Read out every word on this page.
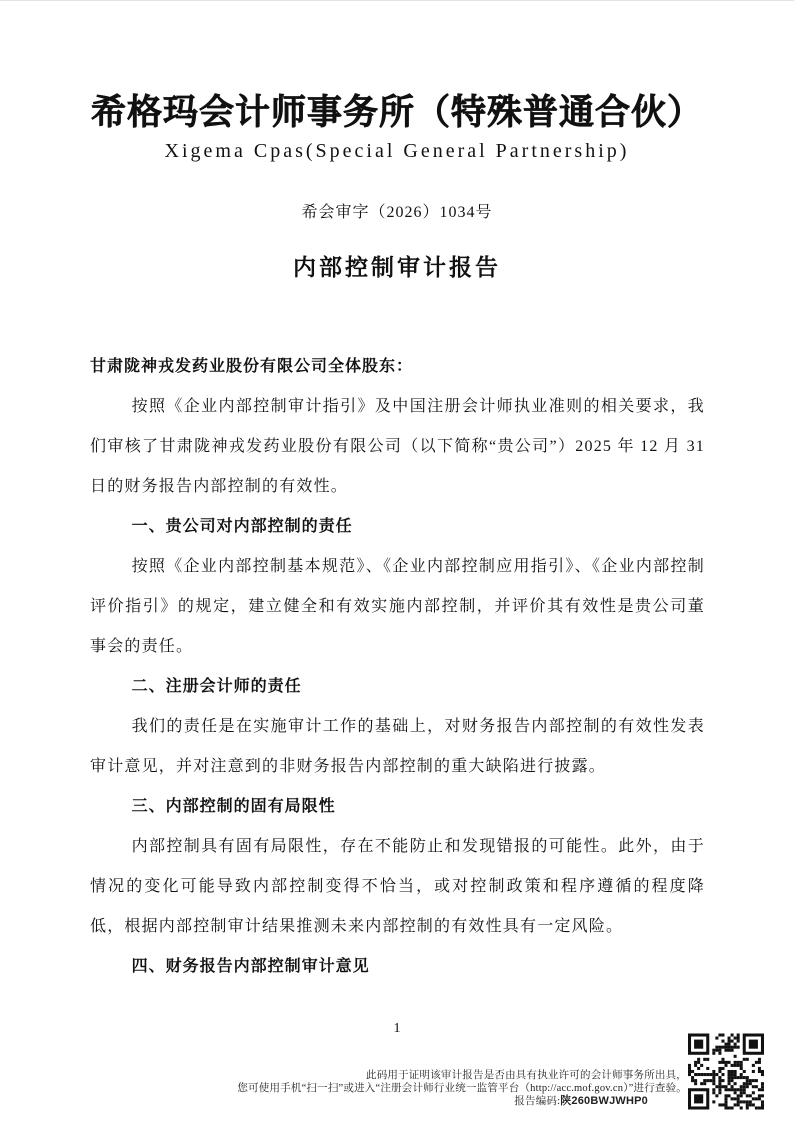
希格玛会计师事务所（特殊普通合伙）
Xigema Cpas(Special General Partnership)
希会审字（2026）1034号
内部控制审计报告

甘肃陇神戎发药业股份有限公司全体股东：

按照《企业内部控制审计指引》及中国注册会计师执业准则的相关要求，我们审核了甘肃陇神戎发药业股份有限公司（以下简称“贵公司”）2025 年 12 月 31 日的财务报告内部控制的有效性。

一、贵公司对内部控制的责任

按照《企业内部控制基本规范》、《企业内部控制应用指引》、《企业内部控制评价指引》的规定，建立健全和有效实施内部控制，并评价其有效性是贵公司董事会的责任。

二、注册会计师的责任

我们的责任是在实施审计工作的基础上，对财务报告内部控制的有效性发表审计意见，并对注意到的非财务报告内部控制的重大缺陷进行披露。

三、内部控制的固有局限性

内部控制具有固有局限性，存在不能防止和发现错报的可能性。此外，由于情况的变化可能导致内部控制变得不恰当，或对控制政策和程序遵循的程度降低，根据内部控制审计结果推测未来内部控制的有效性具有一定风险。

四、财务报告内部控制审计意见

1
此码用于证明该审计报告是否由具有执业许可的会计师事务所出具，
您可使用手机“扫一扫”或进入“注册会计师行业统一监管平台（http://acc.mof.gov.cn）”进行查验。
报告编码:陕260BWJWHP0
